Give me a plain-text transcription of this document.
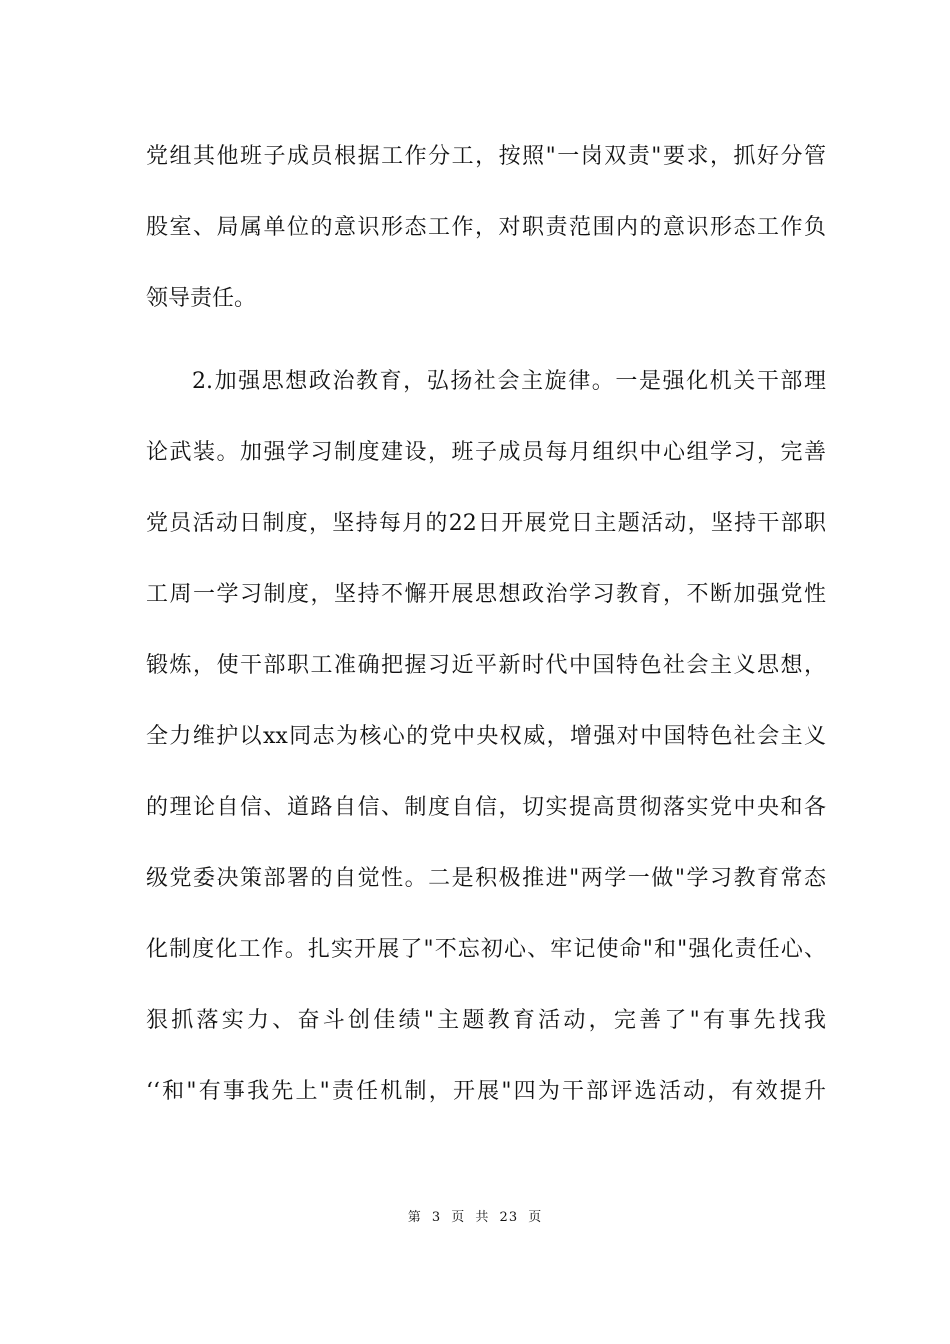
党组其他班子成员根据工作分工，按照"一岗双责"要求，抓好分管
股室、局属单位的意识形态工作，对职责范围内的意识形态工作负
领导责任。
2.加强思想政治教育，弘扬社会主旋律。一是强化机关干部理
论武装。加强学习制度建设，班子成员每月组织中心组学习，完善
党员活动日制度，坚持每月的22日开展党日主题活动，坚持干部职
工周一学习制度，坚持不懈开展思想政治学习教育，不断加强党性
锻炼，使干部职工准确把握习近平新时代中国特色社会主义思想，
全力维护以xx同志为核心的党中央权威，增强对中国特色社会主义
的理论自信、道路自信、制度自信，切实提高贯彻落实党中央和各
级党委决策部署的自觉性。二是积极推进"两学一做"学习教育常态
化制度化工作。扎实开展了"不忘初心、牢记使命"和"强化责任心、
狠抓落实力、奋斗创佳绩"主题教育活动，完善了"有事先找我
‘‘和"有事我先上"责任机制，开展"四为干部评选活动，有效提升
第 3 页 共 23 页
